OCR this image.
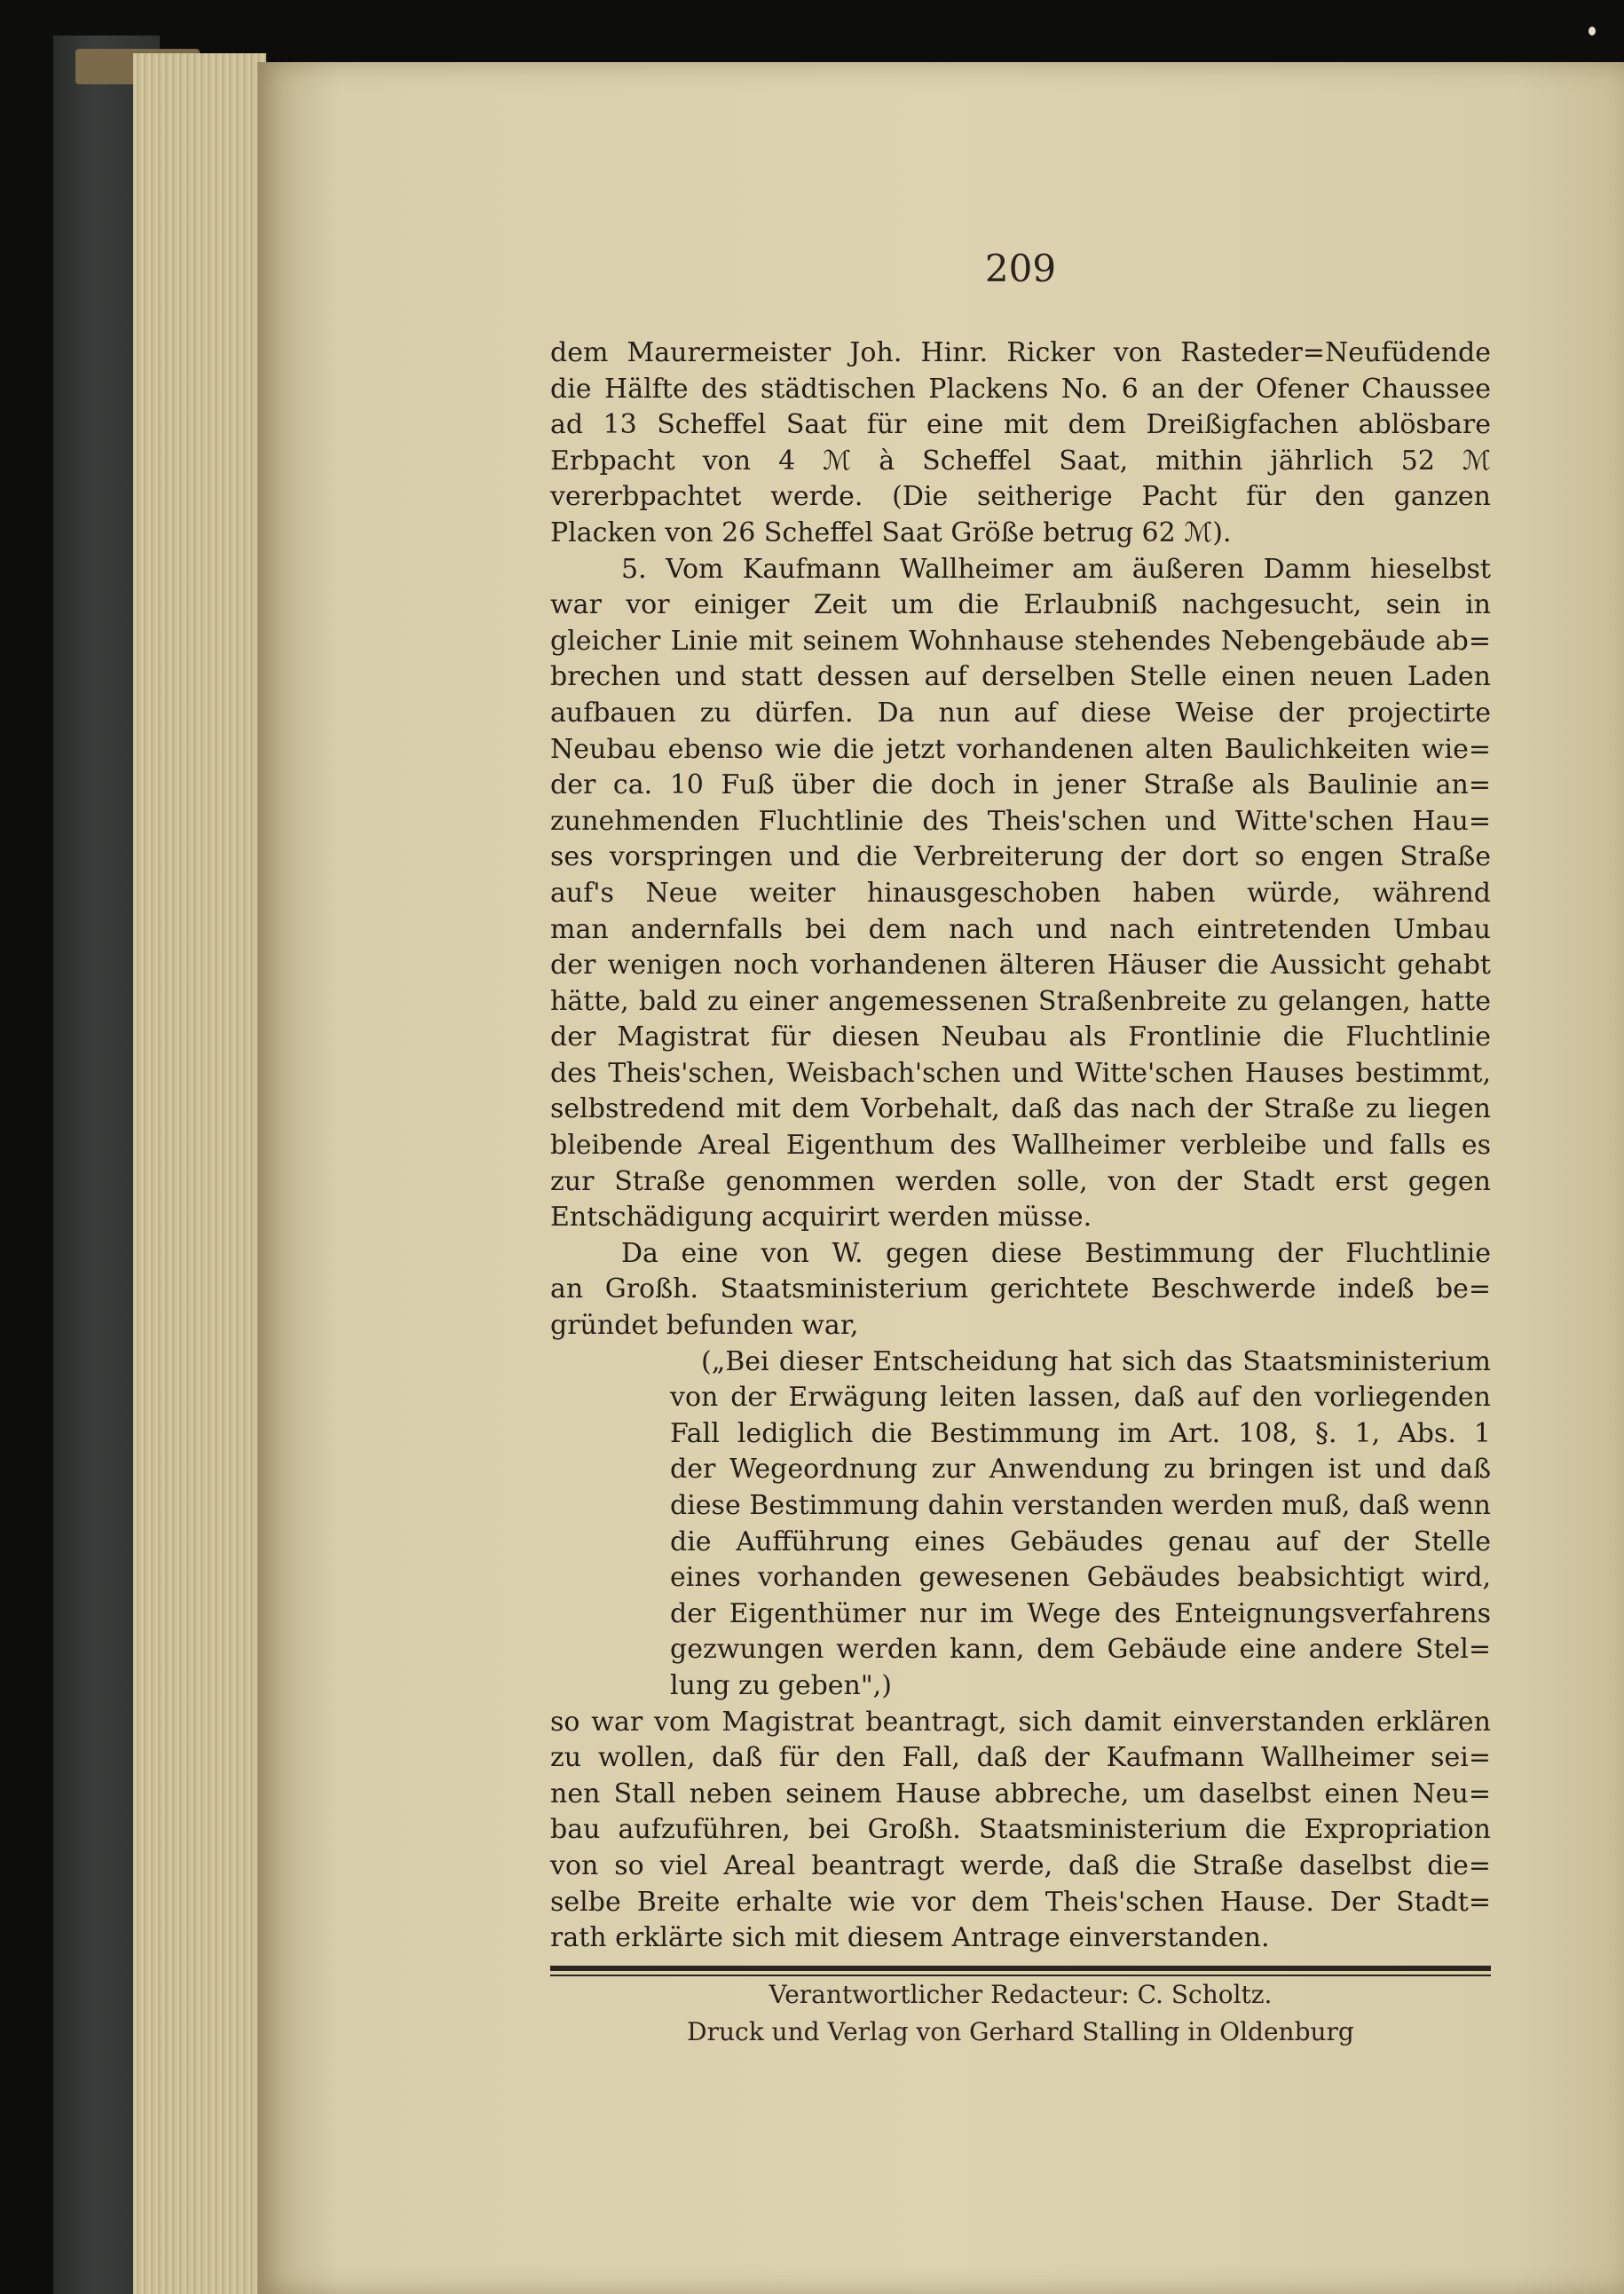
209
dem Maurermeister Joh. Hinr. Ricker von Rasteder=Neufüdende
die Hälfte des städtischen Plackens No. 6 an der Ofener Chaussee
ad 13 Scheffel Saat für eine mit dem Dreißigfachen ablösbare
Erbpacht von 4 ℳ à Scheffel Saat, mithin jährlich 52 ℳ
vererbpachtet werde. (Die seitherige Pacht für den ganzen
Placken von 26 Scheffel Saat Größe betrug 62 ℳ).
5. Vom Kaufmann Wallheimer am äußeren Damm hieselbst
war vor einiger Zeit um die Erlaubniß nachgesucht, sein in
gleicher Linie mit seinem Wohnhause stehendes Nebengebäude ab=
brechen und statt dessen auf derselben Stelle einen neuen Laden
aufbauen zu dürfen. Da nun auf diese Weise der projectirte
Neubau ebenso wie die jetzt vorhandenen alten Baulichkeiten wie=
der ca. 10 Fuß über die doch in jener Straße als Baulinie an=
zunehmenden Fluchtlinie des Theis'schen und Witte'schen Hau=
ses vorspringen und die Verbreiterung der dort so engen Straße
auf's Neue weiter hinausgeschoben haben würde, während
man andernfalls bei dem nach und nach eintretenden Umbau
der wenigen noch vorhandenen älteren Häuser die Aussicht gehabt
hätte, bald zu einer angemessenen Straßenbreite zu gelangen, hatte
der Magistrat für diesen Neubau als Frontlinie die Fluchtlinie
des Theis'schen, Weisbach'schen und Witte'schen Hauses bestimmt,
selbstredend mit dem Vorbehalt, daß das nach der Straße zu liegen
bleibende Areal Eigenthum des Wallheimer verbleibe und falls es
zur Straße genommen werden solle, von der Stadt erst gegen
Entschädigung acquirirt werden müsse.
Da eine von W. gegen diese Bestimmung der Fluchtlinie
an Großh. Staatsministerium gerichtete Beschwerde indeß be=
gründet befunden war,
(„Bei dieser Entscheidung hat sich das Staatsministerium
von der Erwägung leiten lassen, daß auf den vorliegenden
Fall lediglich die Bestimmung im Art. 108, §. 1, Abs. 1
der Wegeordnung zur Anwendung zu bringen ist und daß
diese Bestimmung dahin verstanden werden muß, daß wenn
die Aufführung eines Gebäudes genau auf der Stelle
eines vorhanden gewesenen Gebäudes beabsichtigt wird,
der Eigenthümer nur im Wege des Enteignungsverfahrens
gezwungen werden kann, dem Gebäude eine andere Stel=
lung zu geben",)
so war vom Magistrat beantragt, sich damit einverstanden erklären
zu wollen, daß für den Fall, daß der Kaufmann Wallheimer sei=
nen Stall neben seinem Hause abbreche, um daselbst einen Neu=
bau aufzuführen, bei Großh. Staatsministerium die Expropriation
von so viel Areal beantragt werde, daß die Straße daselbst die=
selbe Breite erhalte wie vor dem Theis'schen Hause. Der Stadt=
rath erklärte sich mit diesem Antrage einverstanden.
Verantwortlicher Redacteur: C. Scholtz.
Druck und Verlag von Gerhard Stalling in Oldenburg
